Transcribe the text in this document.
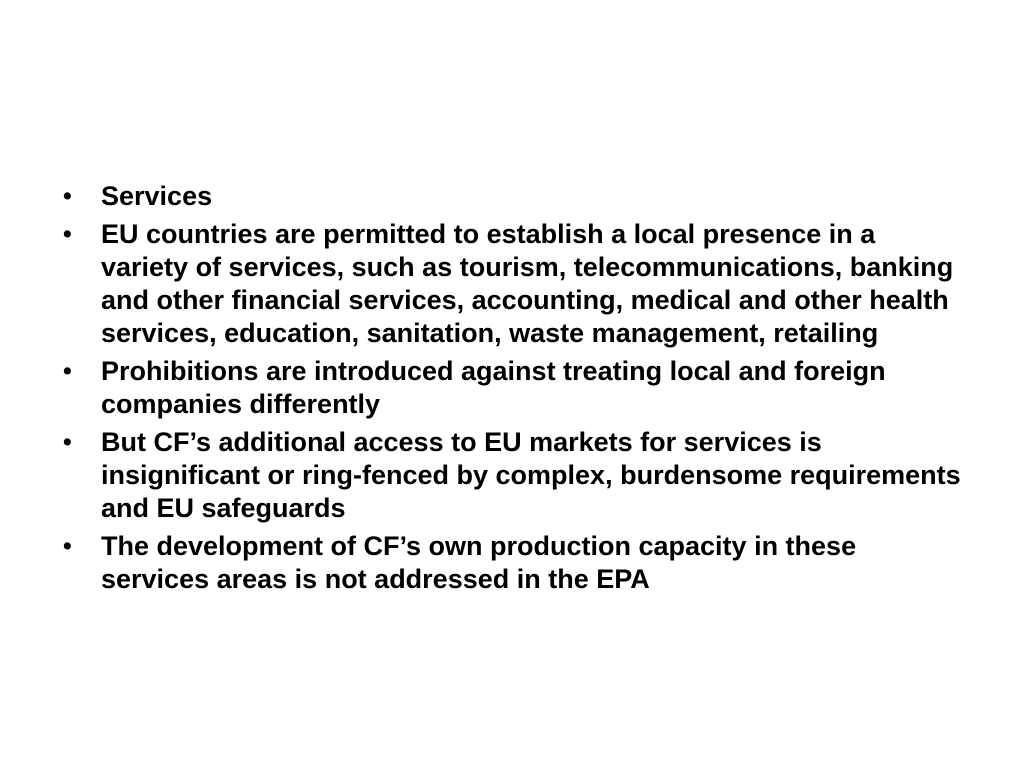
• Services
• EU countries are permitted to establish a local presence in a variety of services, such as tourism, telecommunications, banking and other financial services, accounting, medical and other health services, education, sanitation, waste management, retailing
• Prohibitions are introduced against treating local and foreign companies differently
• But CF’s additional access to EU markets for services is insignificant or ring-fenced by complex, burdensome requirements and EU safeguards
• The development of CF’s own production capacity in these services areas is not addressed in the EPA
